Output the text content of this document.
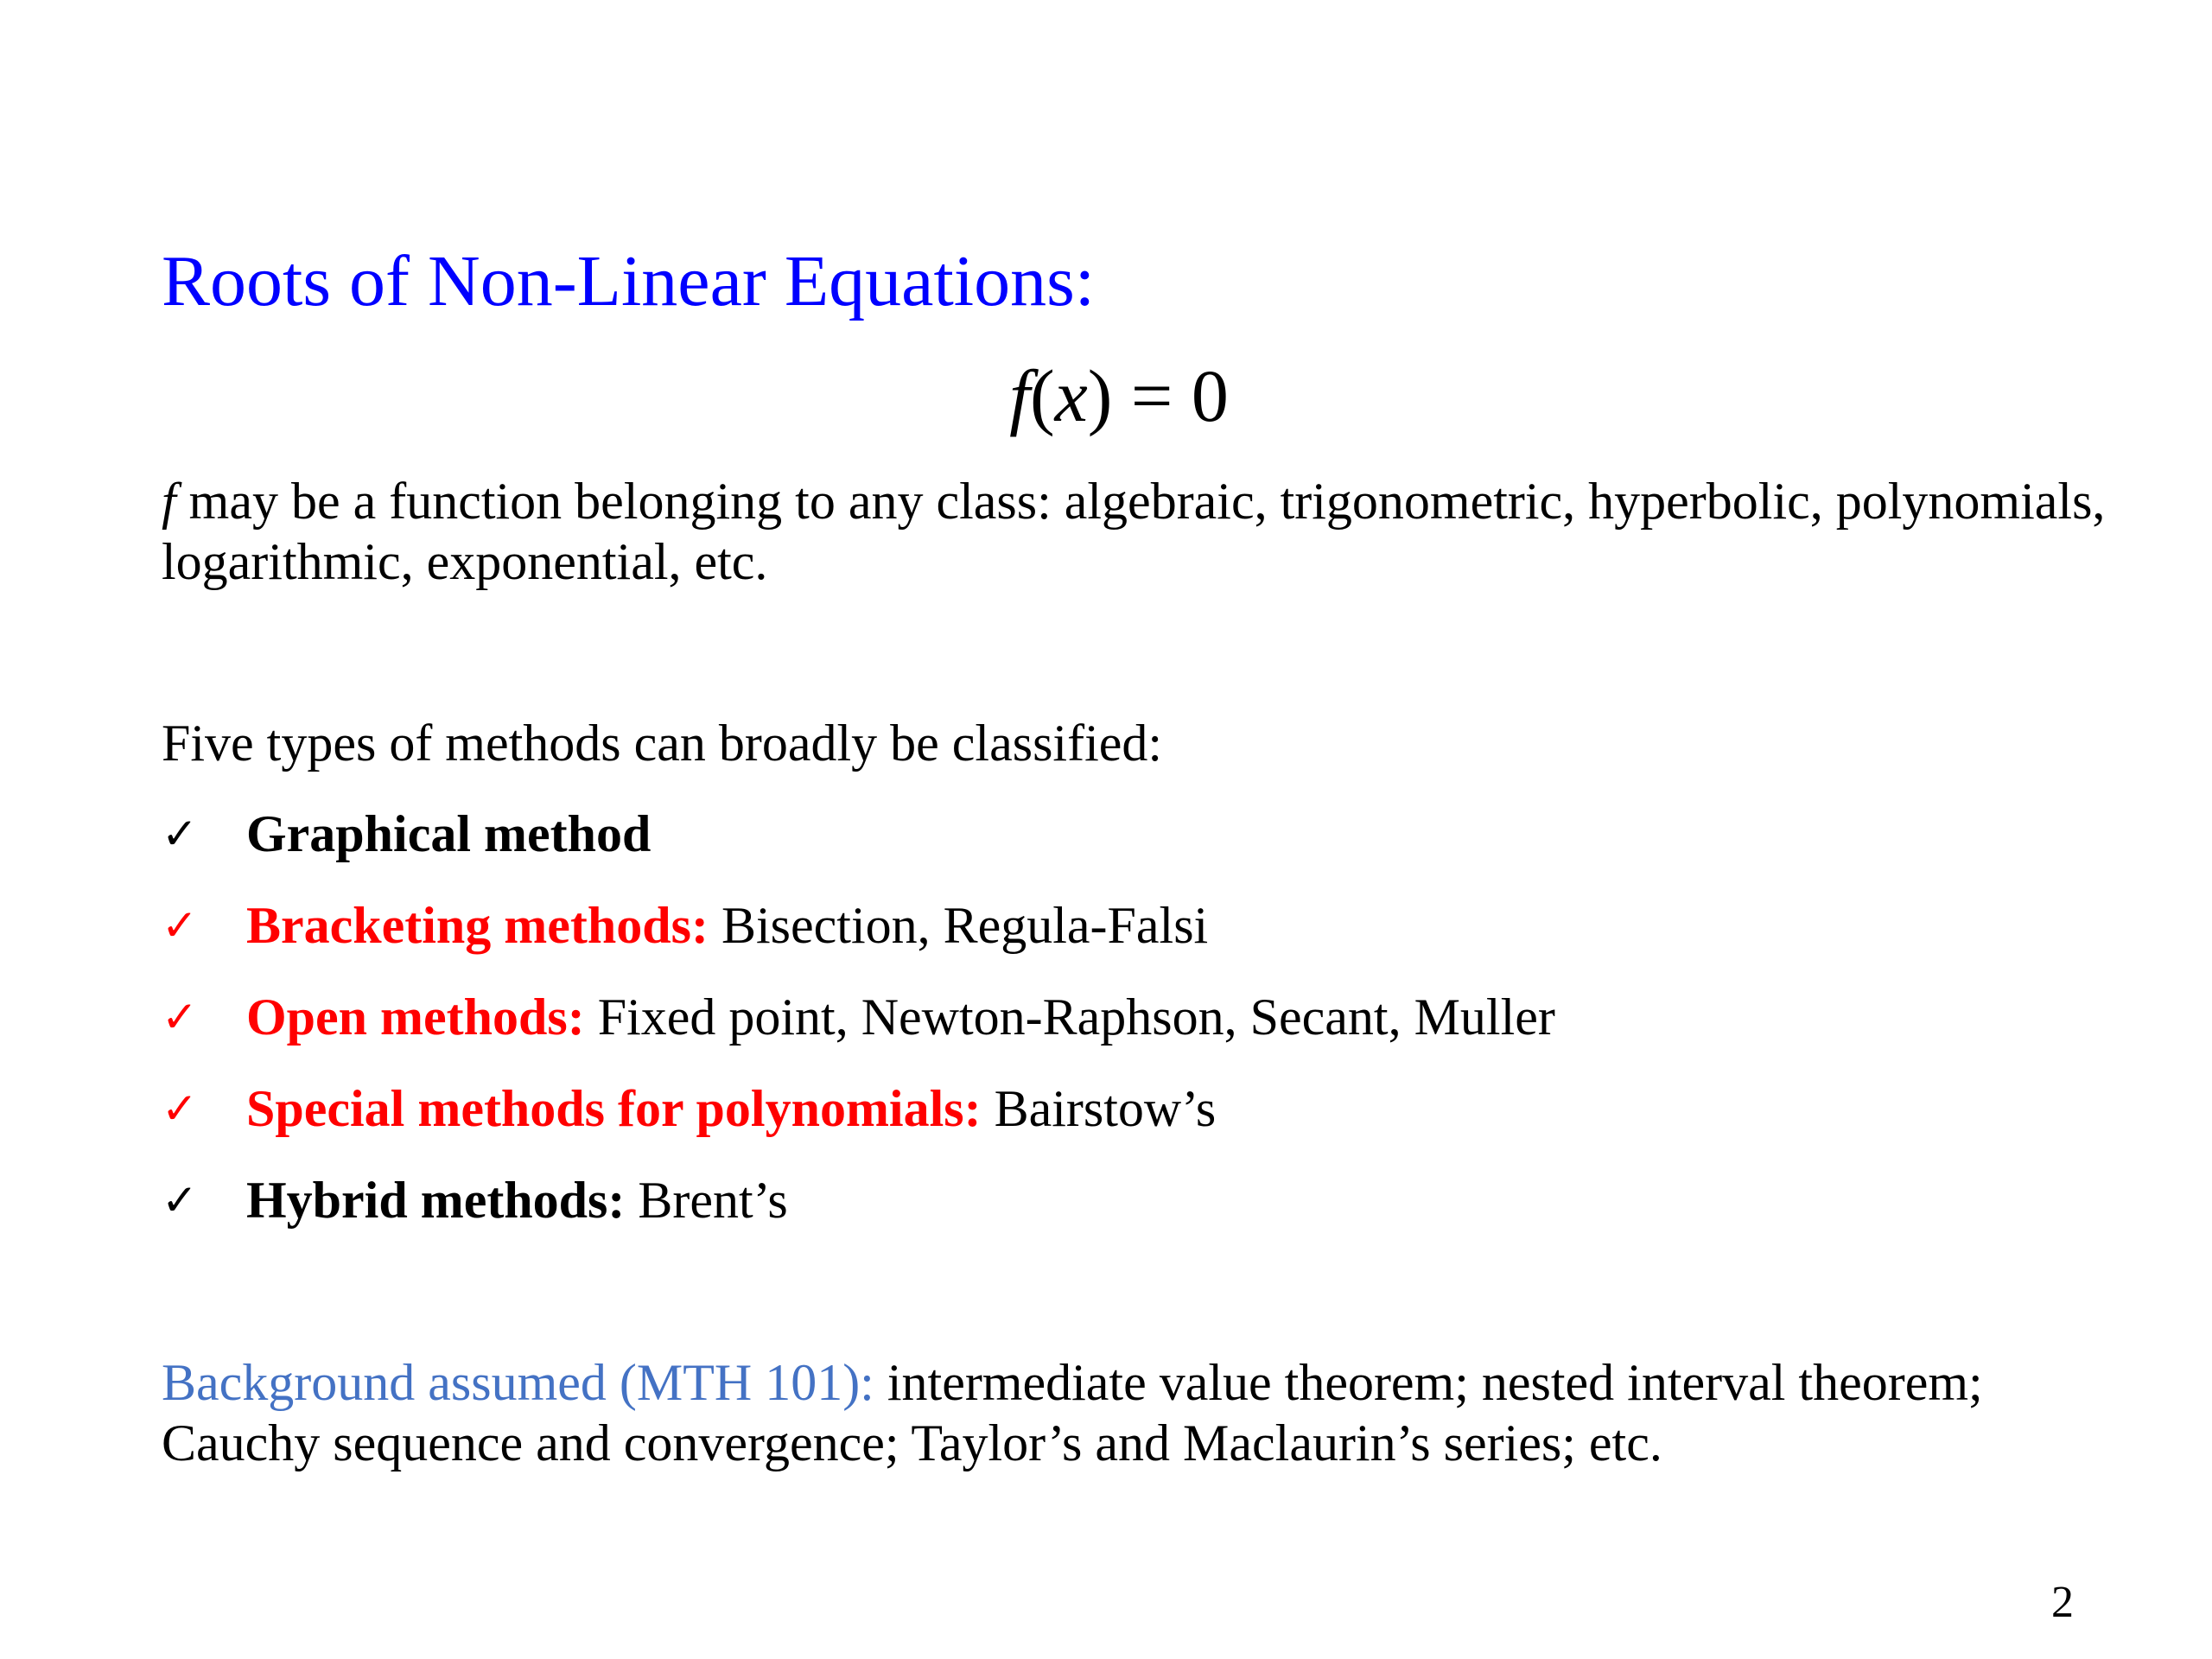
Roots of Non-Linear Equations:
f(x) = 0
f may be a function belonging to any class: algebraic, trigonometric, hyperbolic, polynomials, logarithmic, exponential, etc.
Five types of methods can broadly be classified:
✓ Graphical method
✓ Bracketing methods: Bisection, Regula-Falsi
✓ Open methods: Fixed point, Newton-Raphson, Secant, Muller
✓ Special methods for polynomials: Bairstow’s
✓ Hybrid methods: Brent’s
Background assumed (MTH 101): intermediate value theorem; nested interval theorem; Cauchy sequence and convergence; Taylor’s and Maclaurin’s series; etc.
2
